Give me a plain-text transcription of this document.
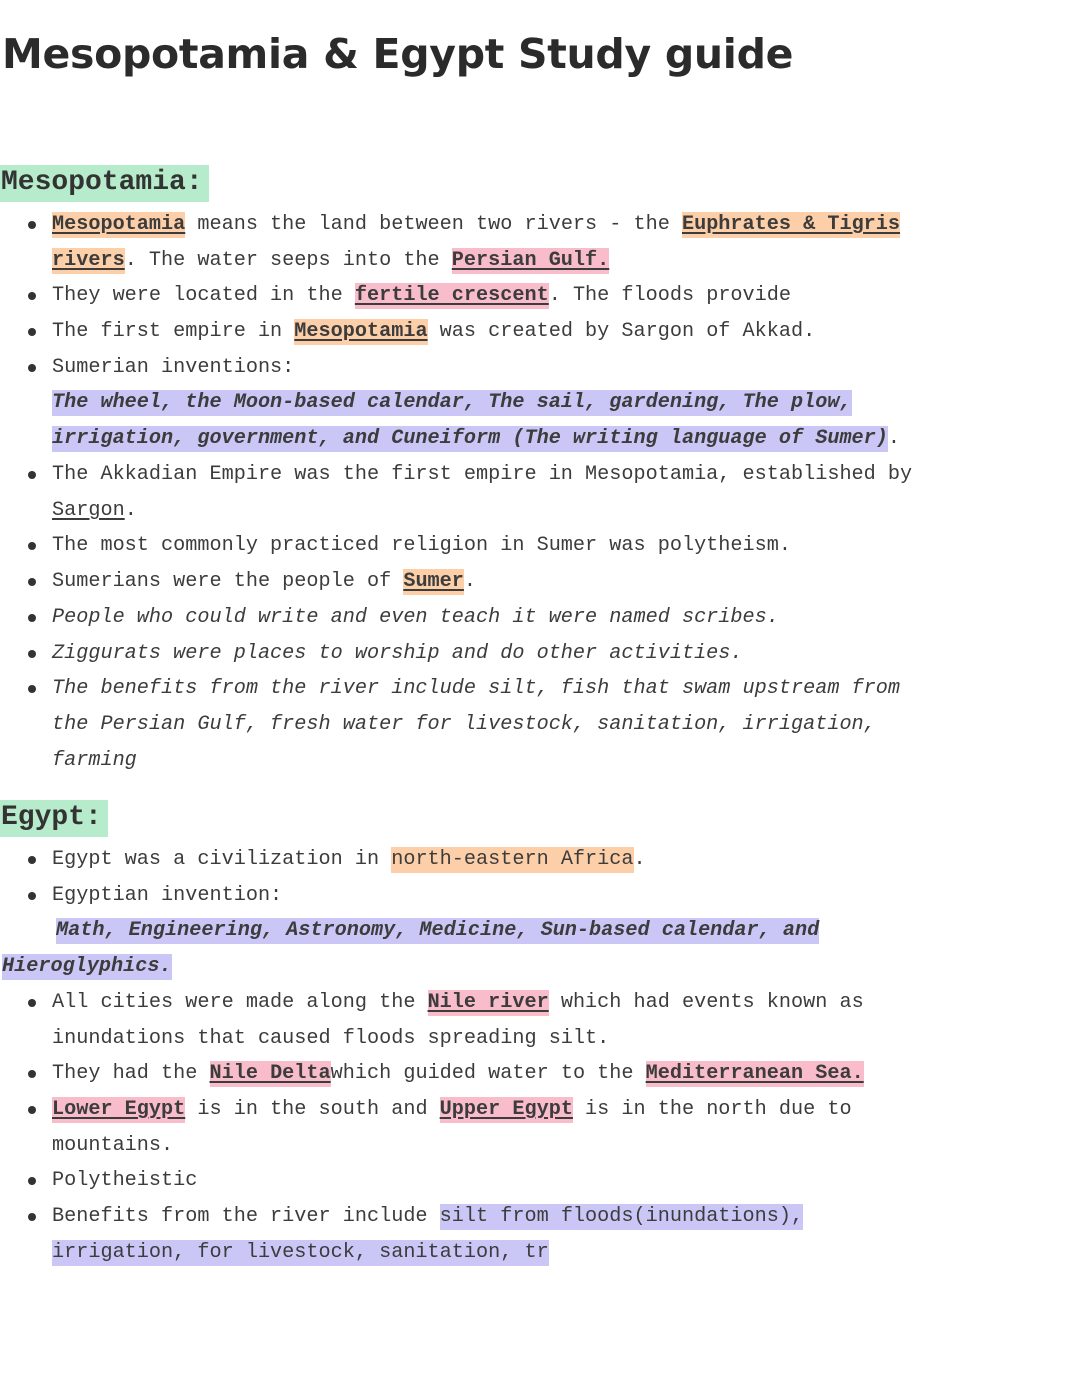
Mesopotamia & Egypt Study guide
Mesopotamia:

Mesopotamia means the land between two rivers - the Euphrates & Tigris

rivers. The water seeps into the Persian Gulf.

They were located in the fertile crescent. The floods provide

The first empire in Mesopotamia was created by Sargon of Akkad.

Sumerian inventions:

The wheel, the Moon-based calendar, The sail, gardening, The plow,

irrigation, government, and Cuneiform (The writing language of Sumer).

The Akkadian Empire was the first empire in Mesopotamia, established by

Sargon.

The most commonly practiced religion in Sumer was polytheism.

Sumerians were the people of Sumer.

People who could write and even teach it were named scribes.

Ziggurats were places to worship and do other activities.

The benefits from the river include silt, fish that swam upstream from

the Persian Gulf, fresh water for livestock, sanitation, irrigation,

farming

Egypt:

Egypt was a civilization in north-eastern Africa.

Egyptian invention:

Math, Engineering, Astronomy, Medicine, Sun-based calendar, and

Hieroglyphics.

All cities were made along the Nile river which had events known as

inundations that caused floods spreading silt.

They had the Nile Deltawhich guided water to the Mediterranean Sea.

Lower Egypt is in the south and Upper Egypt is in the north due to

mountains.

Polytheistic

Benefits from the river include silt from floods(inundations),

irrigation, for livestock, sanitation, tr
